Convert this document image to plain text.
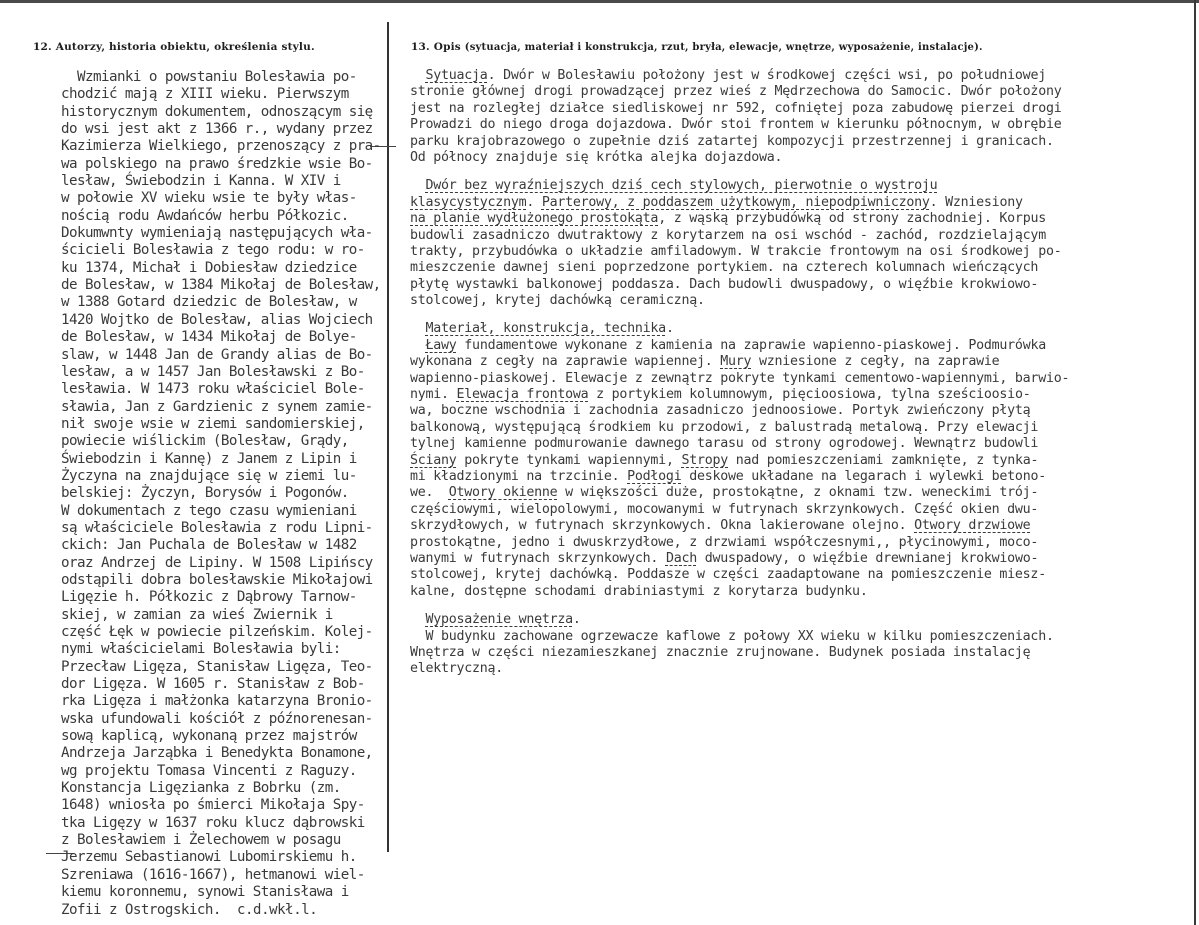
12. Autorzy, historia obiektu, określenia stylu.
Wzmianki o powstaniu Bolesławia po-
chodzić mają z XIII wieku. Pierwszym
historycznym dokumentem, odnoszącym się
do wsi jest akt z 1366 r., wydany przez
Kazimierza Wielkiego, przenoszący z pra-
wa polskiego na prawo średzkie wsie Bo-
lesław, Świebodzin i Kanna. W XIV i
w połowie XV wieku wsie te były włas-
nością rodu Awdańców herbu Półkozic.
Dokumwnty wymieniają następujących wła-
ścicieli Bolesławia z tego rodu: w ro-
ku 1374, Michał i Dobiesław dziedzice
de Bolesław, w 1384 Mikołaj de Bolesław,
w 1388 Gotard dziedzic de Bolesław, w
1420 Wojtko de Bolesław, alias Wojciech
de Bolesław, w 1434 Mikołaj de Bolye-
slaw, w 1448 Jan de Grandy alias de Bo-
lesław, a w 1457 Jan Bolesławski z Bo-
lesławia. W 1473 roku właściciel Bole-
sławia, Jan z Gardzienic z synem zamie-
nił swoje wsie w ziemi sandomierskiej,
powiecie wiślickim (Bolesław, Grądy,
Świebodzin i Kannę) z Janem z Lipin i
Życzyna na znajdujące się w ziemi lu-
belskiej: Życzyn, Borysów i Pogonów.
W dokumentach z tego czasu wymieniani
są właściciele Bolesławia z rodu Lipni-
ckich: Jan Puchala de Bolesław w 1482
oraz Andrzej de Lipiny. W 1508 Lipińscy
odstąpili dobra bolesławskie Mikołajowi
Ligęzie h. Półkozic z Dąbrowy Tarnow-
skiej, w zamian za wieś Zwiernik i
część Łęk w powiecie pilzeńskim. Kolej-
nymi właścicielami Bolesławia byli:
Przecław Ligęza, Stanisław Ligęza, Teo-
dor Ligęza. W 1605 r. Stanisław z Bob-
rka Ligęza i małżonka katarzyna Bronio-
wska ufundowali kościół z późnorenesan-
sową kaplicą, wykonaną przez majstrów
Andrzeja Jarząbka i Benedykta Bonamone,
wg projektu Tomasa Vincenti z Raguzy.
Konstancja Ligęzianka z Bobrku (zm.
1648) wniosła po śmierci Mikołaja Spy-
tka Ligęzy w 1637 roku klucz dąbrowski
z Bolesławiem i Żelechowem w posagu
Jerzemu Sebastianowi Lubomirskiemu h.
Szreniawa (1616-1667), hetmanowi wiel-
kiemu koronnemu, synowi Stanisława i
Zofii z Ostrogskich.	c.d.wkł.l.
13. Opis (sytuacja, materiał i konstrukcja, rzut, bryła, elewacje, wnętrze, wyposażenie, instalacje).
Sytuacja. Dwór w Bolesławiu położony jest w środkowej części wsi, po południowej
stronie głównej drogi prowadzącej przez wieś z Mędrzechowa do Samocic. Dwór położony
jest na rozległej działce siedliskowej nr 592, cofniętej poza zabudowę pierzei drogi
Prowadzi do niego droga dojazdowa. Dwór stoi frontem w kierunku północnym, w obrębie
parku krajobrazowego o zupełnie dziś zatartej kompozycji przestrzennej i granicach.
Od północy znajduje się krótka alejka dojazdowa.
Dwór bez wyraźniejszych dziś cech stylowych, pierwotnie o wystroju
klasycystycznym. Parterowy, z poddaszem użytkowym, niepodpiwniczony. Wzniesiony
na planie wydłużonego prostokąta, z wąską przybudówką od strony zachodniej. Korpus
budowli zasadniczo dwutraktowy z korytarzem na osi wschód - zachód, rozdzielającym
trakty, przybudówka o układzie amfiladowym. W trakcie frontowym na osi środkowej po-
mieszczenie dawnej sieni poprzedzone portykiem. na czterech kolumnach wieńczących
płytę wystawki balkonowej poddasza. Dach budowli dwuspadowy, o więźbie krokwiowo-
stolcowej, krytej dachówką ceramiczną.
Materiał, konstrukcja, technika.
Ławy fundamentowe wykonane z kamienia na zaprawie wapienno-piaskowej. Podmurówka
wykonana z cegły na zaprawie wapiennej. Mury wzniesione z cegły, na zaprawie
wapienno-piaskowej. Elewacje z zewnątrz pokryte tynkami cementowo-wapiennymi, barwio-
nymi. Elewacja frontowa z portykiem kolumnowym, pięcioosiowa, tylna sześcioosio-
wa, boczne wschodnia i zachodnia zasadniczo jednoosiowe. Portyk zwieńczony płytą
balkonową, występującą środkiem ku przodowi, z balustradą metalową. Przy elewacji
tylnej kamienne podmurowanie dawnego tarasu od strony ogrodowej. Wewnątrz budowli
Ściany pokryte tynkami wapiennymi, Stropy nad pomieszczeniami zamknięte, z tynka-
mi kładzionymi na trzcinie. Podłogi deskowe układane na legarach i wylewki betono-
we.  Otwory okienne w większości duże, prostokątne, z oknami tzw. weneckimi trój-
częściowymi, wielopolowymi, mocowanymi w futrynach skrzynkowych. Część okien dwu-
skrzydłowych, w futrynach skrzynkowych. Okna lakierowane olejno. Otwory drzwiowe
prostokątne, jedno i dwuskrzydłowe, z drzwiami współczesnymi,, płycinowymi, moco-
wanymi w futrynach skrzynkowych. Dach dwuspadowy, o więźbie drewnianej krokwiowo-
stolcowej, krytej dachówką. Poddasze w części zaadaptowane na pomieszczenie miesz-
kalne, dostępne schodami drabiniastymi z korytarza budynku.
Wyposażenie wnętrza.
W budynku zachowane ogrzewacze kaflowe z połowy XX wieku w kilku pomieszczeniach.
Wnętrza w części niezamieszkanej znacznie zrujnowane. Budynek posiada instalację
elektryczną.
